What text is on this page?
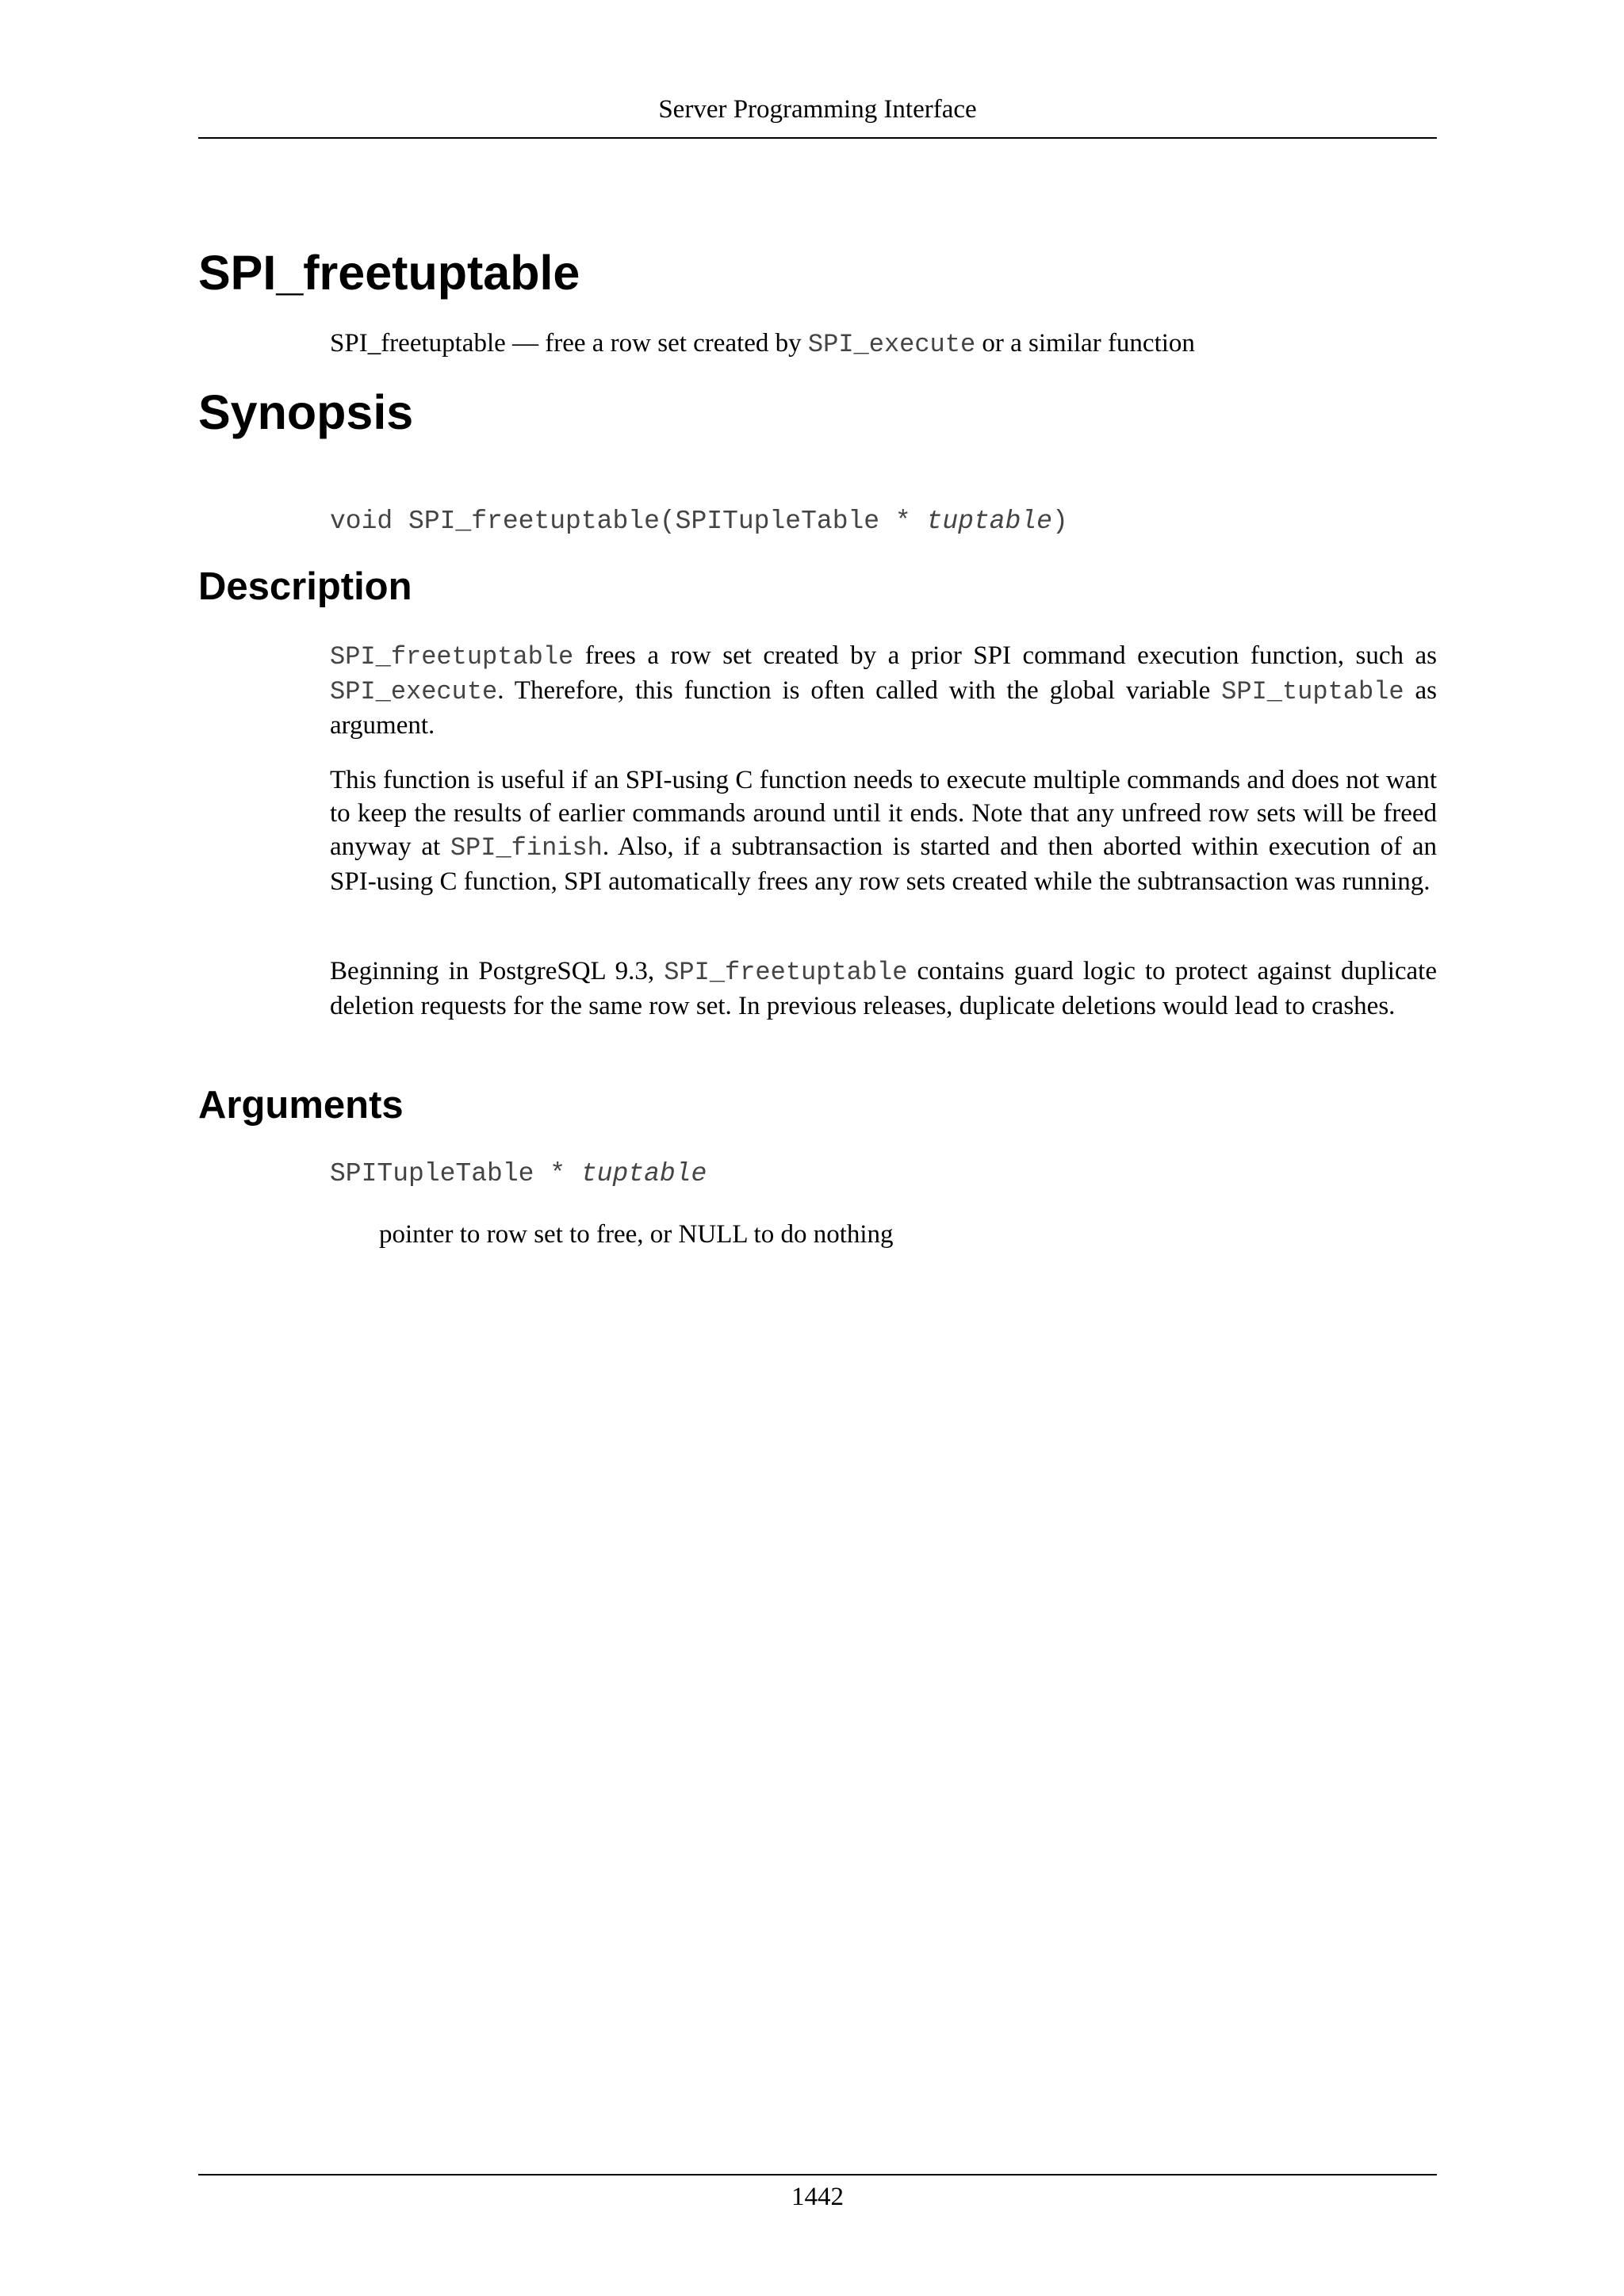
Server Programming Interface
SPI_freetuptable

SPI_freetuptable — free a row set created by SPI_execute or a similar function

Synopsis

void SPI_freetuptable(SPITupleTable * tuptable)

Description

SPI_freetuptable frees a row set created by a prior SPI command execution function, such as SPI_execute. Therefore, this function is often called with the global variable SPI_tuptable as argument.

This function is useful if an SPI-using C function needs to execute multiple commands and does not want to keep the results of earlier commands around until it ends. Note that any unfreed row sets will be freed anyway at SPI_finish. Also, if a subtransaction is started and then aborted within execution of an SPI-using C function, SPI automatically frees any row sets created while the subtransaction was running.

Beginning in PostgreSQL 9.3, SPI_freetuptable contains guard logic to protect against duplicate deletion requests for the same row set. In previous releases, duplicate deletions would lead to crashes.

Arguments

SPITupleTable * tuptable

pointer to row set to free, or NULL to do nothing

1442
